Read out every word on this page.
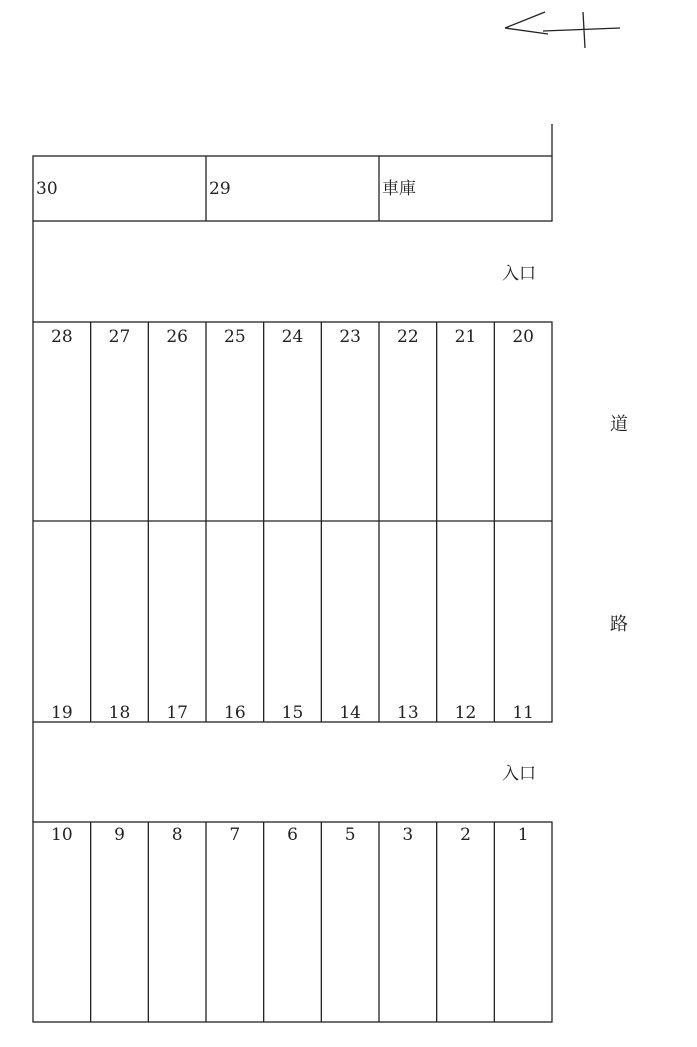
30	29	車庫
入口
入口
道
路
28 27 26 25 24 23 22 21 20
19 18 17 16 15 14 13 12 11
10 9	8	7	6	5	3	2	1
